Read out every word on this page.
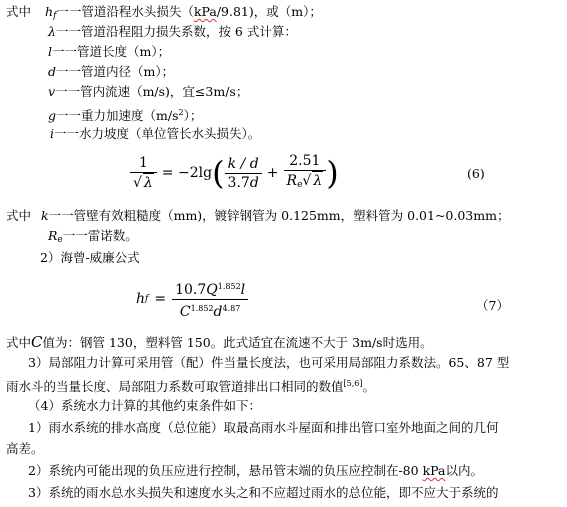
式中 $h_f$一一管道沿程水头损失（kPa/9.81)，或（m）；
λ一一管道沿程阻力损失系数，按 6 式计算：
l一一管道长度（m）；
d一一管道内径（m）；
v一一管内流速（m/s)，宜≤3m/s；
g一一重力加速度$(m/s^2)$；
i一一水力坡度（单位管长水头损失）。
$\frac{1}{√ \lambda} = -2\lg$ ( $\frac{k / d}{3.7d} + \frac{2.51}{R_e√ \lambda}$ )	(6)
式中 k一一管壁有效粗糙度（mm)，镀锌钢管为 0.125mm，塑料管为 0.01~0.03mm；
$R_e$一一雷诺数。
2）海曾-威廉公式
h $f = \frac{10.7Q^{1.852}l}{C^{1.852}d^{4.87}}$	（7）
式中C值为：钢管 130，塑料管 150。此式适宜在流速不大于 3m/s时选用。
3）局部阻力计算可采用管（配）件当量长度法，也可采用局部阻力系数法。65、87 型
雨水斗的当量长度、局部阻力系数可取管道排出口相同的数值[5,6]。
（4）系统水力计算的其他约束条件如下：
1）雨水系统的排水高度（总位能）取最高雨水斗屋面和排出管口室外地面之间的几何
高差。
2）系统内可能出现的负压应进行控制，悬吊管末端的负压应控制在-80 kPa以内。
3）系统的雨水总水头损失和速度水头之和不应超过雨水的总位能，即不应大于系统的
